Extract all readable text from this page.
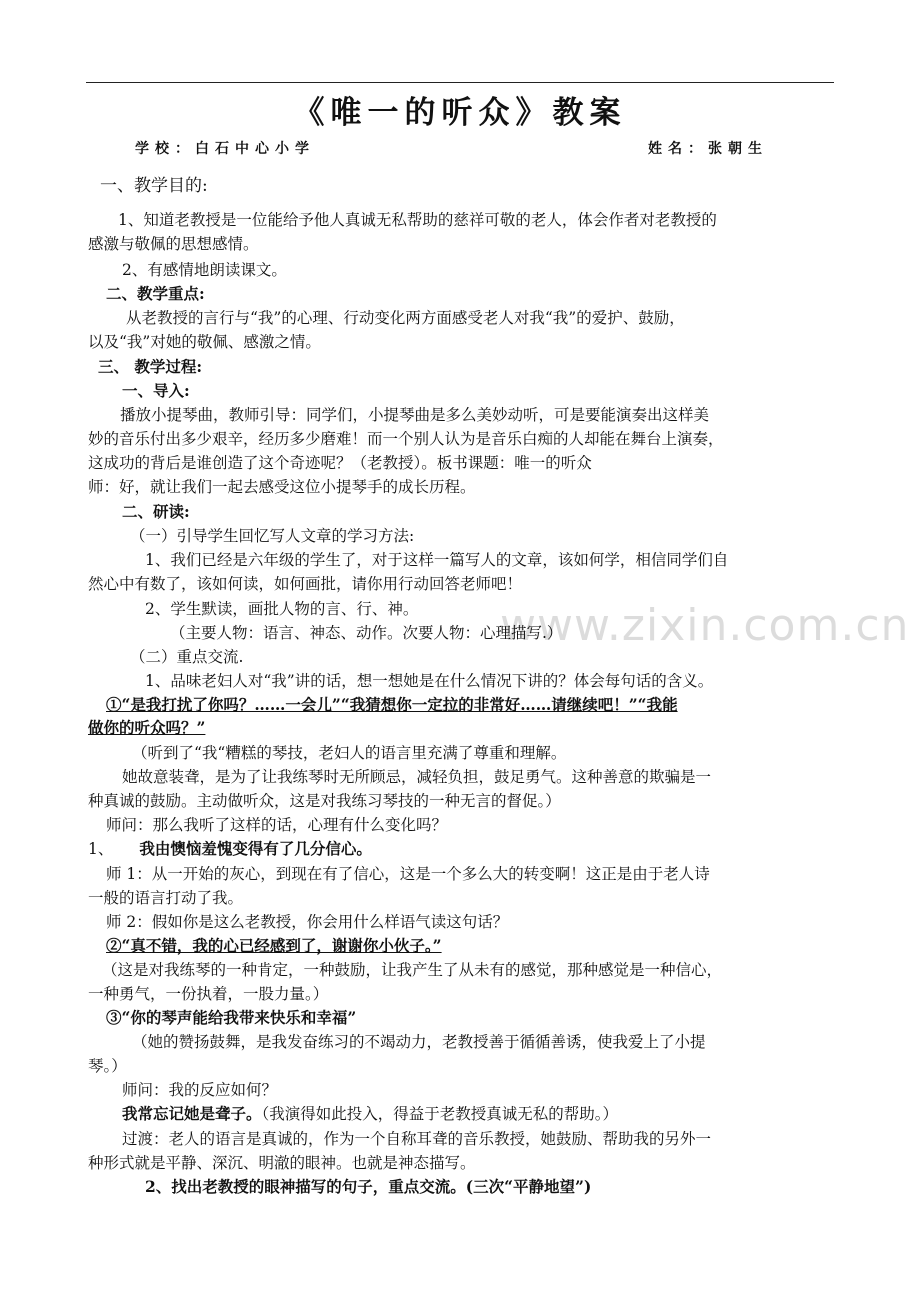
《唯一的听众》教案
学校：白石中心小学	姓名：张朝生
www.zixin.com.cn

一、教学目的:

1、知道老教授是一位能给予他人真诚无私帮助的慈祥可敬的老人，体会作者对老教授的

感激与敬佩的思想感情。

2、有感情地朗读课文。

二、教学重点:

从老教授的言行与“我”的心理、行动变化两方面感受老人对我“我”的爱护、鼓励，

以及“我”对她的敬佩、感激之情。

三、 教学过程:

一、导入:

播放小提琴曲，教师引导：同学们，小提琴曲是多么美妙动听，可是要能演奏出这样美

妙的音乐付出多少艰辛，经历多少磨难！而一个别人认为是音乐白痴的人却能在舞台上演奏，

这成功的背后是谁创造了这个奇迹呢？（老教授）。板书课题：唯一的听众

师：好，就让我们一起去感受这位小提琴手的成长历程。

二、研读:

（一）引导学生回忆写人文章的学习方法:

1、我们已经是六年级的学生了，对于这样一篇写人的文章，该如何学，相信同学们自

然心中有数了，该如何读，如何画批，请你用行动回答老师吧！

2、学生默读，画批人物的言、行、神。

（主要人物：语言、神态、动作。次要人物：心理描写.）

（二）重点交流.

1、品味老妇人对“我”讲的话，想一想她是在什么情况下讲的？体会每句话的含义。

①“是我打扰了你吗？……一会儿”“我猜想你一定拉的非常好……请继续吧！”“我能

做你的听众吗？”

（听到了“我“糟糕的琴技，老妇人的语言里充满了尊重和理解。

她故意装聋，是为了让我练琴时无所顾忌，减轻负担，鼓足勇气。这种善意的欺骗是一

种真诚的鼓励。主动做听众，这是对我练习琴技的一种无言的督促。）

师问：那么我听了这样的话，心理有什么变化吗？

1、 我由懊恼羞愧变得有了几分信心。

师 1：从一开始的灰心，到现在有了信心，这是一个多么大的转变啊！这正是由于老人诗

一般的语言打动了我。

师 2：假如你是这么老教授，你会用什么样语气读这句话？

②“真不错，我的心已经感到了，谢谢你小伙子。”

（这是对我练琴的一种肯定，一种鼓励，让我产生了从未有的感觉，那种感觉是一种信心，

一种勇气，一份执着，一股力量。）

③“你的琴声能给我带来快乐和幸福”

（她的赞扬鼓舞，是我发奋练习的不竭动力，老教授善于循循善诱，使我爱上了小提

琴。）

师问：我的反应如何？

我常忘记她是聋子。（我演得如此投入，得益于老教授真诚无私的帮助。）

过渡：老人的语言是真诚的，作为一个自称耳聋的音乐教授，她鼓励、帮助我的另外一

种形式就是平静、深沉、明澈的眼神。也就是神态描写。

2、找出老教授的眼神描写的句子，重点交流。(三次“平静地望”)
